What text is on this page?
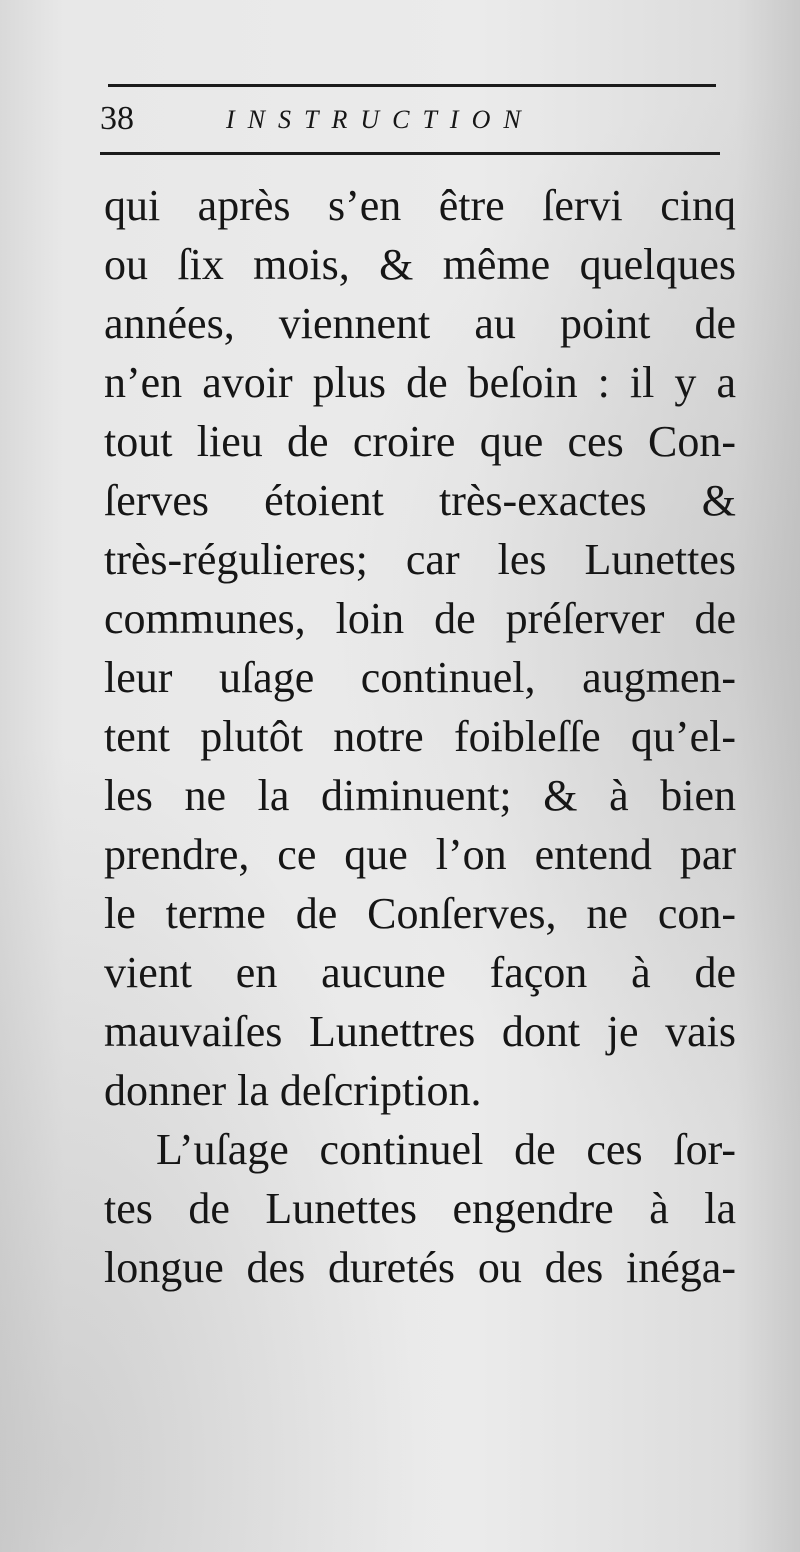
38	INSTRUCTION
qui après s’en être ſervi cinq
ou ſix mois, & même quelques
années, viennent au point de
n’en avoir plus de beſoin : il y a
tout lieu de croire que ces Con-
ſerves étoient très-exactes &
très-régulieres; car les Lunettes
communes, loin de préſerver de
leur uſage continuel, augmen-
tent plutôt notre foibleſſe qu’el-
les ne la diminuent; & à bien
prendre, ce que l’on entend par
le terme de Conſerves, ne con-
vient en aucune façon à de
mauvaiſes Lunettres dont je vais
donner la deſcription.
L’uſage continuel de ces ſor-
tes de Lunettes engendre à la
longue des duretés ou des inéga-
